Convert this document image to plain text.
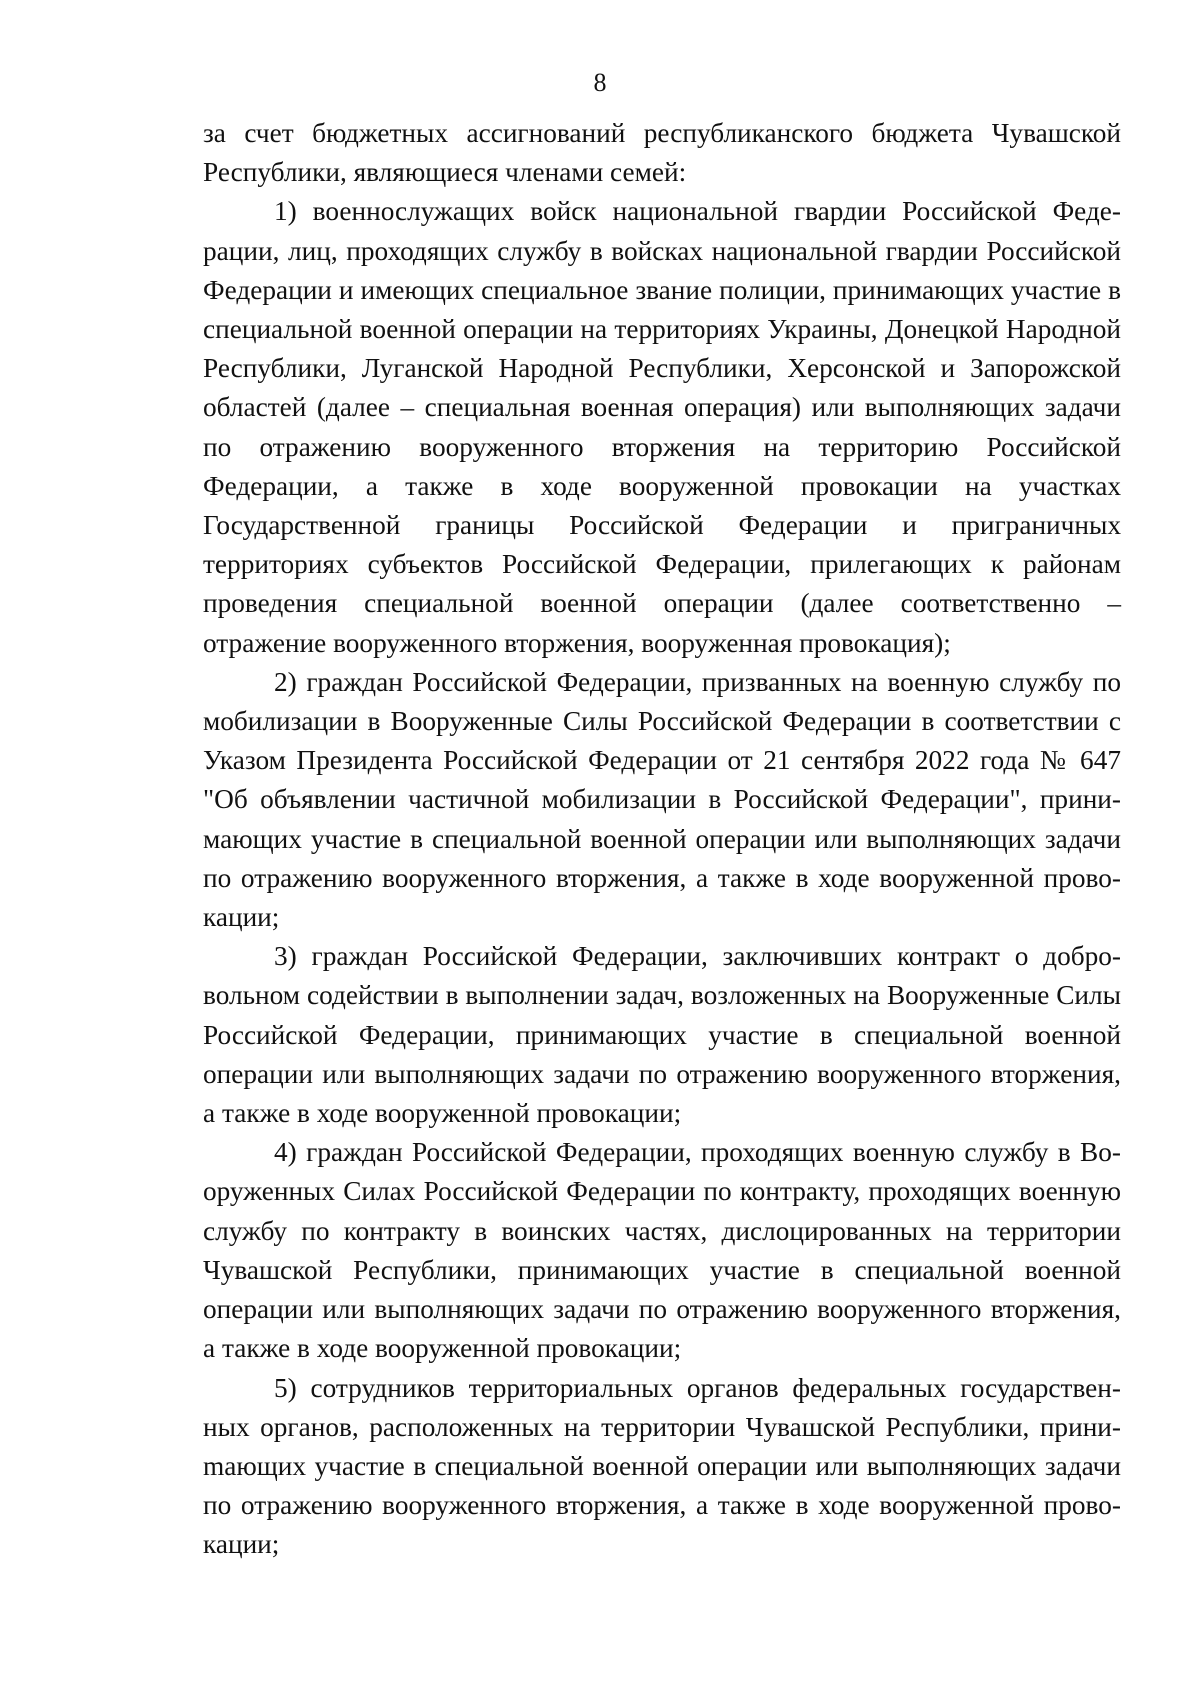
8

за счет бюджетных ассигнований республиканского бюджета Чувашской Республики, являющиеся членами семей:

1) военнослужащих войск национальной гвардии Российской Федерации, лиц, проходящих службу в войсках национальной гвардии Российской Федерации и имеющих специальное звание полиции, принимающих участие в специальной военной операции на территориях Украины, Донецкой Народной Республики, Луганской Народной Республики, Херсонской и Запорожской областей (далее – специальная военная операция) или выполняющих задачи по отражению вооруженного вторжения на территорию Российской Федерации, а также в ходе вооруженной провокации на участках Государственной границы Российской Федерации и приграничных территориях субъектов Российской Федерации, прилегающих к районам проведения специальной военной операции (далее соответственно – отражение вооруженного вторжения, вооруженная провокация);

2) граждан Российской Федерации, призванных на военную службу по мобилизации в Вооруженные Силы Российской Федерации в соответствии с Указом Президента Российской Федерации от 21 сентября 2022 года № 647 "Об объявлении частичной мобилизации в Российской Федерации", принимающих участие в специальной военной операции или выполняющих задачи по отражению вооруженного вторжения, а также в ходе вооруженной провокации;

3) граждан Российской Федерации, заключивших контракт о добровольном содействии в выполнении задач, возложенных на Вооруженные Силы Российской Федерации, принимающих участие в специальной военной операции или выполняющих задачи по отражению вооруженного вторжения, а также в ходе вооруженной провокации;

4) граждан Российской Федерации, проходящих военную службу в Вооруженных Силах Российской Федерации по контракту, проходящих военную службу по контракту в воинских частях, дислоцированных на территории Чувашской Республики, принимающих участие в специальной военной операции или выполняющих задачи по отражению вооруженного вторжения, а также в ходе вооруженной провокации;

5) сотрудников территориальных органов федеральных государственных органов, расположенных на территории Чувашской Республики, приниmающих участие в специальной военной операции или выполняющих задачи по отражению вооруженного вторжения, а также в ходе вооруженной провокации;
